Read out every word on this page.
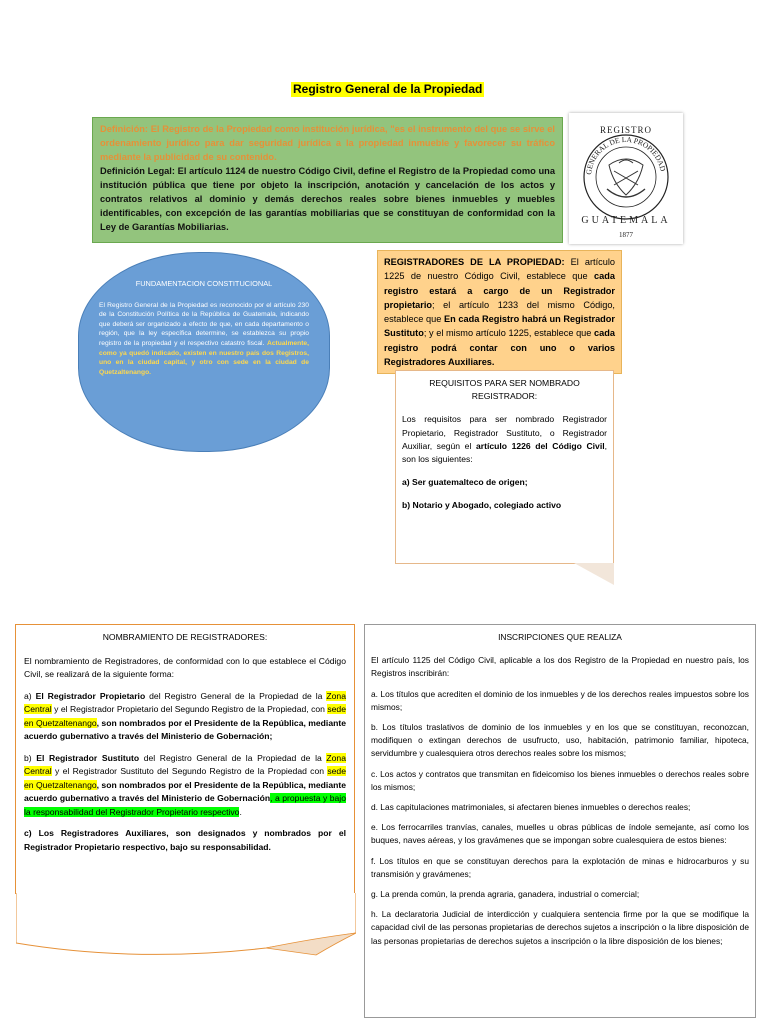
Registro General de la Propiedad
Definición: El Registro de la Propiedad como institución jurídica, "es el instrumento del que se sirve el ordenamiento jurídico para dar seguridad jurídica a la propiedad inmueble y favorecer su tráfico mediante la publicidad de su contenido.
Definición Legal: El artículo 1124 de nuestro Código Civil, define el Registro de la Propiedad como una institución pública que tiene por objeto la inscripción, anotación y cancelación de los actos y contratos relativos al dominio y demás derechos reales sobre bienes inmuebles y muebles identificables, con excepción de las garantías mobiliarias que se constituyan de conformidad con la Ley de Garantías Mobiliarias.
GENERAL DE LA PROPIEDAD
REGISTRO
GUATEMALA
1877
FUNDAMENTACION CONSTITUCIONAL
El Registro General de la Propiedad es reconocido por el artículo 230 de la Constitución Política de la República de Guatemala, indicando que deberá ser organizado a efecto de que, en cada departamento o región, que la ley específica determine, se establezca su propio registro de la propiedad y el respectivo catastro fiscal. Actualmente, como ya quedó indicado, existen en nuestro país dos Registros, uno en la ciudad capital, y otro con sede en la ciudad de Quetzaltenango.
REGISTRADORES DE LA PROPIEDAD: El artículo 1225 de nuestro Código Civil, establece que cada registro estará a cargo de un Registrador propietario; el artículo 1233 del mismo Código, establece que En cada Registro habrá un Registrador Sustituto; y el mismo artículo 1225, establece que cada registro podrá contar con uno o varios Registradores Auxiliares.
REQUISITOS PARA SER NOMBRADO REGISTRADOR:

Los requisitos para ser nombrado Registrador Propietario, Registrador Sustituto, o Registrador Auxiliar, según el artículo 1226 del Código Civil, son los siguientes:

a) Ser guatemalteco de origen;

b) Notario y Abogado, colegiado activo

NOMBRAMIENTO DE REGISTRADORES:

El nombramiento de Registradores, de conformidad con lo que establece el Código Civil, se realizará de la siguiente forma:

a) El Registrador Propietario del Registro General de la Propiedad de la Zona Central y el Registrador Propietario del Segundo Registro de la Propiedad, con sede en Quetzaltenango, son nombrados por el Presidente de la República, mediante acuerdo gubernativo a través del Ministerio de Gobernación;

b) El Registrador Sustituto del Registro General de la Propiedad de la Zona Central y el Registrador Sustituto del Segundo Registro de la Propiedad con sede en Quetzaltenango, son nombrados por el Presidente de la República, mediante acuerdo gubernativo a través del Ministerio de Gobernación, a propuesta y bajo la responsabilidad del Registrador Propietario respectivo.

c) Los Registradores Auxiliares, son designados y nombrados por el Registrador Propietario respectivo, bajo su responsabilidad.

INSCRIPCIONES QUE REALIZA

El artículo 1125 del Código Civil, aplicable a los dos Registro de la Propiedad en nuestro país, los Registros inscribirán:

a. Los títulos que acrediten el dominio de los inmuebles y de los derechos reales impuestos sobre los mismos;

b. Los títulos traslativos de dominio de los inmuebles y en los que se constituyan, reconozcan, modifiquen o extingan derechos de usufructo, uso, habitación, patrimonio familiar, hipoteca, servidumbre y cualesquiera otros derechos reales sobre los mismos;

c. Los actos y contratos que transmitan en fideicomiso los bienes inmuebles o derechos reales sobre los mismos;

d. Las capitulaciones matrimoniales, si afectaren bienes inmuebles o derechos reales;

e. Los ferrocarriles tranvías, canales, muelles u obras públicas de índole semejante, así como los buques, naves aéreas, y los gravámenes que se impongan sobre cualesquiera de estos bienes:

f. Los títulos en que se constituyan derechos para la explotación de minas e hidrocarburos y su transmisión y gravámenes;

g. La prenda común, la prenda agraria, ganadera, industrial o comercial;

h. La declaratoria Judicial de interdicción y cualquiera sentencia firme por la que se modifique la capacidad civil de las personas propietarias de derechos sujetos a inscripción o la libre disposición de las personas propietarias de derechos sujetos a inscripción o la libre disposición de los bienes;
